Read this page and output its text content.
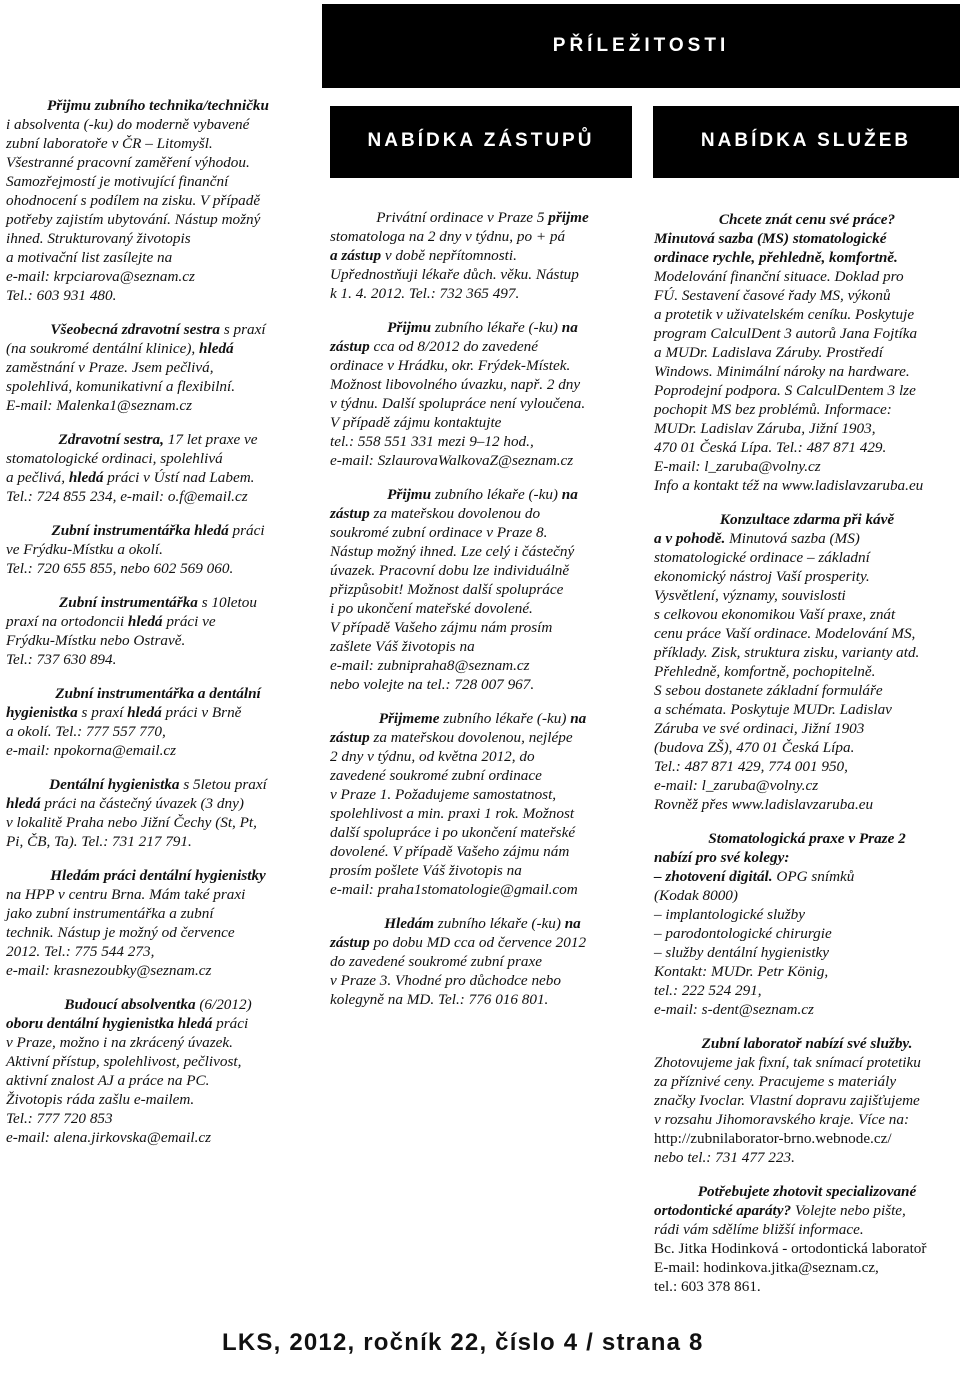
PŘÍLEŽITOSTI
NABÍDKA ZÁSTUPŮ	NABÍDKA SLUŽEB
Přijmu zubního technika/techničku
i absolventa (-ku) do moderně vybavené
zubní laboratoře v ČR – Litomyšl.
Všestranné pracovní zaměření výhodou.
Samozřejmostí je motivující finanční
ohodnocení s podílem na zisku. V případě
potřeby zajistím ubytování. Nástup možný
ihned. Strukturovaný životopis
a motivační list zasílejte na
e-mail: krpciarova@seznam.cz
Tel.: 603 931 480.
Všeobecná zdravotní sestra s praxí
(na soukromé dentální klinice), hledá
zaměstnání v Praze. Jsem pečlivá,
spolehlivá, komunikativní a flexibilní.
E-mail: Malenka1@seznam.cz
Zdravotní sestra, 17 let praxe ve
stomatologické ordinaci, spolehlivá
a pečlivá, hledá práci v Ústí nad Labem.
Tel.: 724 855 234, e-mail: o.f@email.cz
Zubní instrumentářka hledá práci
ve Frýdku-Místku a okolí.
Tel.: 720 655 855, nebo 602 569 060.
Zubní instrumentářka s 10letou
praxí na ortodoncii hledá práci ve
Frýdku-Místku nebo Ostravě.
Tel.: 737 630 894.
Zubní instrumentářka a dentální
hygienistka s praxí hledá práci v Brně
a okolí. Tel.: 777 557 770,
e-mail: npokorna@email.cz
Dentální hygienistka s 5letou praxí
hledá práci na částečný úvazek (3 dny)
v lokalitě Praha nebo Jižní Čechy (St, Pt,
Pi, ČB, Ta). Tel.: 731 217 791.
Hledám práci dentální hygienistky
na HPP v centru Brna. Mám také praxi
jako zubní instrumentářka a zubní
technik. Nástup je možný od července
2012. Tel.: 775 544 273,
e-mail: krasnezoubky@seznam.cz
Budoucí absolventka (6/2012)
oboru dentální hygienistka hledá práci
v Praze, možno i na zkrácený úvazek.
Aktivní přístup, spolehlivost, pečlivost,
aktivní znalost AJ a práce na PC.
Životopis ráda zašlu e-mailem.
Tel.: 777 720 853
e-mail: alena.jirkovska@email.cz
Privátní ordinace v Praze 5 přijme
stomatologa na 2 dny v týdnu, po + pá
a zástup v době nepřítomnosti.
Upřednostňuji lékaře důch. věku. Nástup
k 1. 4. 2012. Tel.: 732 365 497.
Přijmu zubního lékaře (-ku) na
zástup cca od 8/2012 do zavedené
ordinace v Hrádku, okr. Frýdek-Místek.
Možnost libovolného úvazku, např. 2 dny
v týdnu. Další spolupráce není vyloučena.
V případě zájmu kontaktujte
tel.: 558 551 331 mezi 9–12 hod.,
e-mail: SzlaurovaWalkovaZ@seznam.cz
Přijmu zubního lékaře (-ku) na
zástup za mateřskou dovolenou do
soukromé zubní ordinace v Praze 8.
Nástup možný ihned. Lze celý i částečný
úvazek. Pracovní dobu lze individuálně
přizpůsobit! Možnost další spolupráce
i po ukončení mateřské dovolené.
V případě Vašeho zájmu nám prosím
zašlete Váš životopis na
e-mail: zubnipraha8@seznam.cz
nebo volejte na tel.: 728 007 967.
Přijmeme zubního lékaře (-ku) na
zástup za mateřskou dovolenou, nejlépe
2 dny v týdnu, od května 2012, do
zavedené soukromé zubní ordinace
v Praze 1. Požadujeme samostatnost,
spolehlivost a min. praxi 1 rok. Možnost
další spolupráce i po ukončení mateřské
dovolené. V případě Vašeho zájmu nám
prosím pošlete Váš životopis na
e-mail: praha1stomatologie@gmail.com
Hledám zubního lékaře (-ku) na
zástup po dobu MD cca od července 2012
do zavedené soukromé zubní praxe
v Praze 3. Vhodné pro důchodce nebo
kolegyně na MD. Tel.: 776 016 801.
Chcete znát cenu své práce?
Minutová sazba (MS) stomatologické
ordinace rychle, přehledně, komfortně.
Modelování finanční situace. Doklad pro
FÚ. Sestavení časové řady MS, výkonů
a protetik v uživatelském ceníku. Poskytuje
program CalculDent 3 autorů Jana Fojtíka
a MUDr. Ladislava Záruby. Prostředí
Windows. Minimální nároky na hardware.
Poprodejní podpora. S CalculDentem 3 lze
pochopit MS bez problémů. Informace:
MUDr. Ladislav Záruba, Jižní 1903,
470 01 Česká Lípa. Tel.: 487 871 429.
E-mail: l_zaruba@volny.cz
Info a kontakt též na www.ladislavzaruba.eu
Konzultace zdarma při kávě
a v pohodě. Minutová sazba (MS)
stomatologické ordinace – základní
ekonomický nástroj Vaší prosperity.
Vysvětlení, významy, souvislosti
s celkovou ekonomikou Vaší praxe, znát
cenu práce Vaší ordinace. Modelování MS,
příklady. Zisk, struktura zisku, varianty atd.
Přehledně, komfortně, pochopitelně.
S sebou dostanete základní formuláře
a schémata. Poskytuje MUDr. Ladislav
Záruba ve své ordinaci, Jižní 1903
(budova ZŠ), 470 01 Česká Lípa.
Tel.: 487 871 429, 774 001 950,
e-mail: l_zaruba@volny.cz
Rovněž přes www.ladislavzaruba.eu
Stomatologická praxe v Praze 2
nabízí pro své kolegy:
– zhotovení digitál. OPG snímků
(Kodak 8000)
– implantologické služby
– parodontologické chirurgie
– služby dentální hygienistky
Kontakt: MUDr. Petr König,
tel.: 222 524 291,
e-mail: s-dent@seznam.cz
Zubní laboratoř nabízí své služby.
Zhotovujeme jak fixní, tak snímací protetiku
za příznivé ceny. Pracujeme s materiály
značky Ivoclar. Vlastní dopravu zajišťujeme
v rozsahu Jihomoravského kraje. Více na:
http://zubnilaborator-brno.webnode.cz/
nebo tel.: 731 477 223.
Potřebujete zhotovit specializované
ortodontické aparáty? Volejte nebo pište,
rádi vám sdělíme bližší informace.
Bc. Jitka Hodinková - ortodontická laboratoř
E-mail: hodinkova.jitka@seznam.cz,
tel.: 603 378 861.
LKS, 2012, ročník 22, číslo 4 / strana 8
